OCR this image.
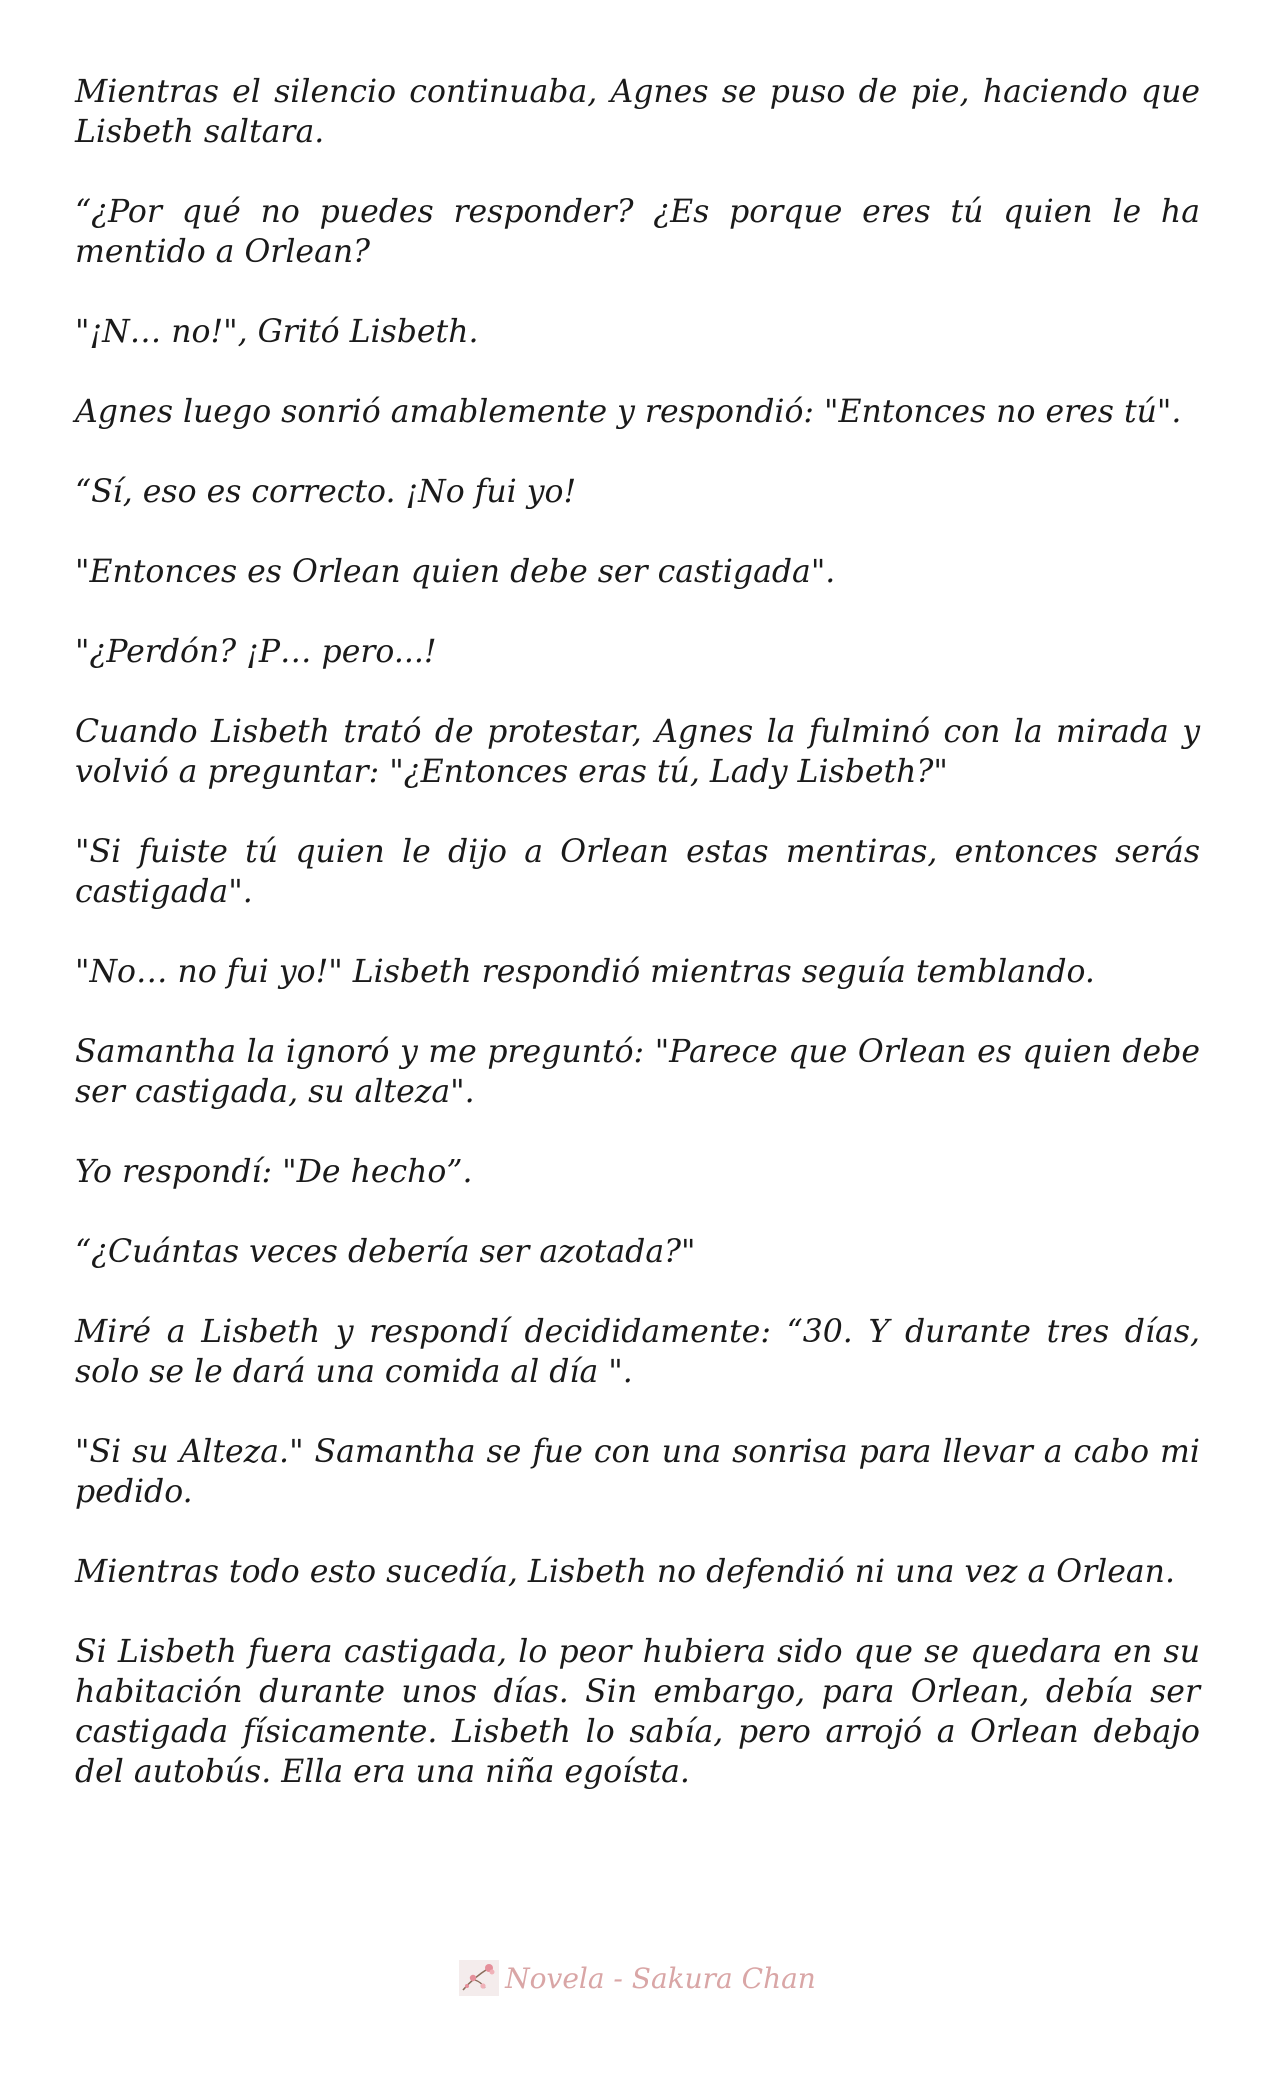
Mientras el silencio continuaba, Agnes se puso de pie, haciendo que Lisbeth saltara.

“¿Por qué no puedes responder? ¿Es porque eres tú quien le ha mentido a Orlean?

"¡N… no!", Gritó Lisbeth.

Agnes luego sonrió amablemente y respondió: "Entonces no eres tú".

“Sí, eso es correcto. ¡No fui yo!

"Entonces es Orlean quien debe ser castigada".

"¿Perdón? ¡P… pero...!

Cuando Lisbeth trató de protestar, Agnes la fulminó con la mirada y volvió a preguntar: "¿Entonces eras tú, Lady Lisbeth?"

"Si fuiste tú quien le dijo a Orlean estas mentiras, entonces serás castigada".

"No… no fui yo!" Lisbeth respondió mientras seguía temblando.

Samantha la ignoró y me preguntó: "Parece que Orlean es quien debe ser castigada, su alteza".

Yo respondí: "De hecho”.

“¿Cuántas veces debería ser azotada?"

Miré a Lisbeth y respondí decididamente: “30. Y durante tres días, solo se le dará una comida al día ".

"Si su Alteza." Samantha se fue con una sonrisa para llevar a cabo mi pedido.

Mientras todo esto sucedía, Lisbeth no defendió ni una vez a Orlean.

Si Lisbeth fuera castigada, lo peor hubiera sido que se quedara en su habitación durante unos días. Sin embargo, para Orlean, debía ser castigada físicamente. Lisbeth lo sabía, pero arrojó a Orlean debajo del autobús. Ella era una niña egoísta.

Novela - Sakura Chan
